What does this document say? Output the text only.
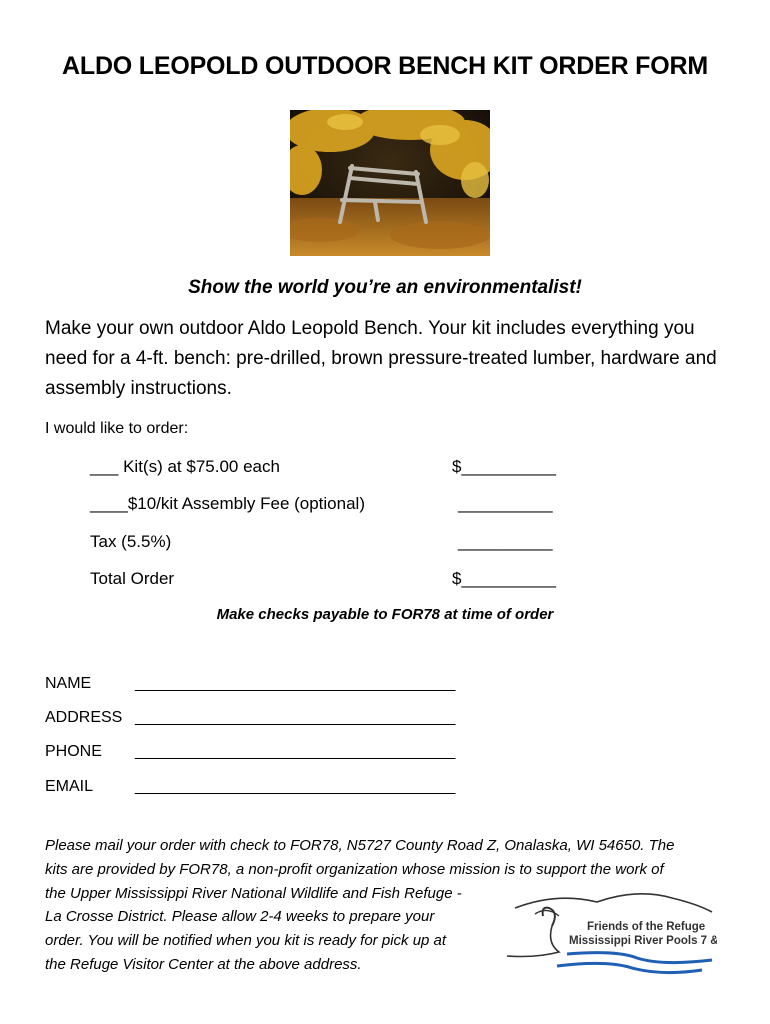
ALDO LEOPOLD OUTDOOR BENCH KIT ORDER FORM
Show the world you’re an environmentalist!
Make your own outdoor Aldo Leopold Bench. Your kit includes everything you need for a 4-ft. bench: pre-drilled, brown pressure-treated lumber, hardware and assembly instructions.
I would like to order:
___ Kit(s) at $75.00 each	$__________
____$10/kit Assembly Fee (optional)	__________
Tax (5.5%)	__________
Total Order	$__________
Make checks payable to FOR78 at time of order
NAME	____________________________________
ADDRESS ____________________________________
PHONE ____________________________________
EMAIL	____________________________________
Please mail your order with check to FOR78, N5727 County Road Z, Onalaska, WI 54650. The
kits are provided by FOR78, a non-profit organization whose mission is to support the work of
the Upper Mississippi River National Wildlife and Fish Refuge -
La Crosse District. Please allow 2-4 weeks to prepare your
order. You will be notified when you kit is ready for pick up at
the Refuge Visitor Center at the above address.
Friends of the Refuge
Mississippi River Pools 7 & 8
